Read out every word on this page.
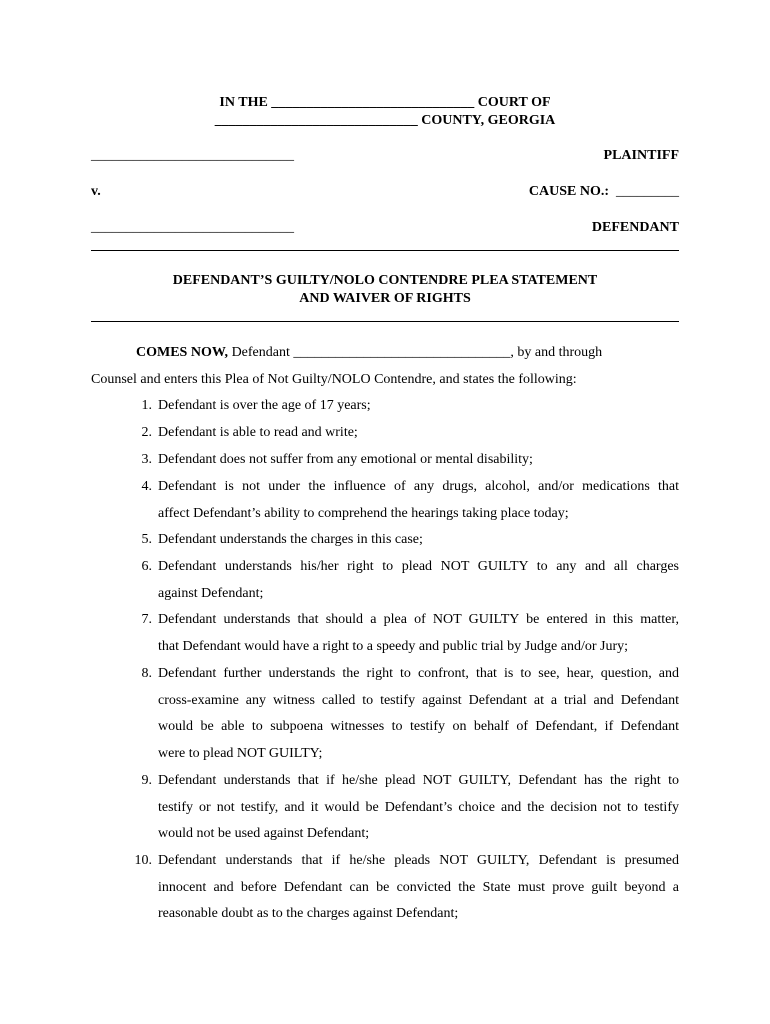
IN THE _____________________________ COURT OF
_____________________________ COUNTY, GEORGIA
_____________________________	PLAINTIFF
v.	CAUSE NO.: _________
_____________________________	DEFENDANT
DEFENDANT’S GUILTY/NOLO CONTENDRE PLEA STATEMENT
AND WAIVER OF RIGHTS
COMES NOW, Defendant _______________________________, by and through
Counsel and enters this Plea of Not Guilty/NOLO Contendre, and states the following:
1. Defendant is over the age of 17 years;
2. Defendant is able to read and write;
3. Defendant does not suffer from any emotional or mental disability;
4. Defendant is not under the influence of any drugs, alcohol, and/or medications that
affect Defendant’s ability to comprehend the hearings taking place today;
5. Defendant understands the charges in this case;
6. Defendant understands his/her right to plead NOT GUILTY to any and all charges
against Defendant;
7. Defendant understands that should a plea of NOT GUILTY be entered in this matter,
that Defendant would have a right to a speedy and public trial by Judge and/or Jury;
8. Defendant further understands the right to confront, that is to see, hear, question, and
cross-examine any witness called to testify against Defendant at a trial and Defendant
would be able to subpoena witnesses to testify on behalf of Defendant, if Defendant
were to plead NOT GUILTY;
9. Defendant understands that if he/she plead NOT GUILTY, Defendant has the right to
testify or not testify, and it would be Defendant’s choice and the decision not to testify
would not be used against Defendant;
10. Defendant understands that if he/she pleads NOT GUILTY, Defendant is presumed
innocent and before Defendant can be convicted the State must prove guilt beyond a
reasonable doubt as to the charges against Defendant;
